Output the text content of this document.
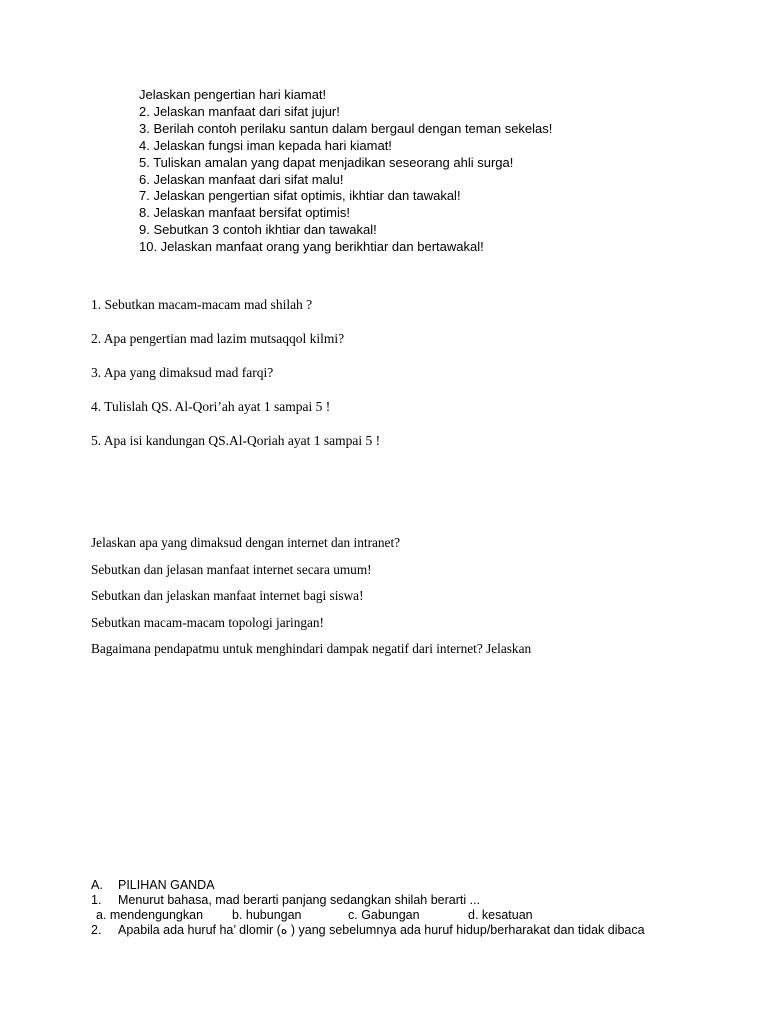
Jelaskan pengertian hari kiamat!
2. Jelaskan manfaat dari sifat jujur!
3. Berilah contoh perilaku santun dalam bergaul dengan teman sekelas!
4. Jelaskan fungsi iman kepada hari kiamat!
5. Tuliskan amalan yang dapat menjadikan seseorang ahli surga!
6. Jelaskan manfaat dari sifat malu!
7. Jelaskan pengertian sifat optimis, ikhtiar dan tawakal!
8. Jelaskan manfaat bersifat optimis!
9. Sebutkan 3 contoh ikhtiar dan tawakal!
10. Jelaskan manfaat orang yang berikhtiar dan bertawakal!
1. Sebutkan macam-macam mad shilah ?
2. Apa pengertian mad lazim mutsaqqol kilmi?
3. Apa yang dimaksud mad farqi?
4. Tulislah QS. Al-Qori’ah ayat 1 sampai 5 !
5. Apa isi kandungan QS.Al-Qoriah ayat 1 sampai 5 !
Jelaskan apa yang dimaksud dengan internet dan intranet?
Sebutkan dan jelasan manfaat internet secara umum!
Sebutkan dan jelaskan manfaat internet bagi siswa!
Sebutkan macam-macam topologi jaringan!
Bagaimana pendapatmu untuk menghindari dampak negatif dari internet? Jelaskan
A. PILIHAN GANDA
1. Menurut bahasa, mad berarti panjang sedangkan shilah berarti ...
a. mendengungkan b. hubungan	c. Gabungan	d. kesatuan
2. Apabila ada huruf ha’ dlomir (ه ) yang sebelumnya ada huruf hidup/berharakat dan tidak dibaca
